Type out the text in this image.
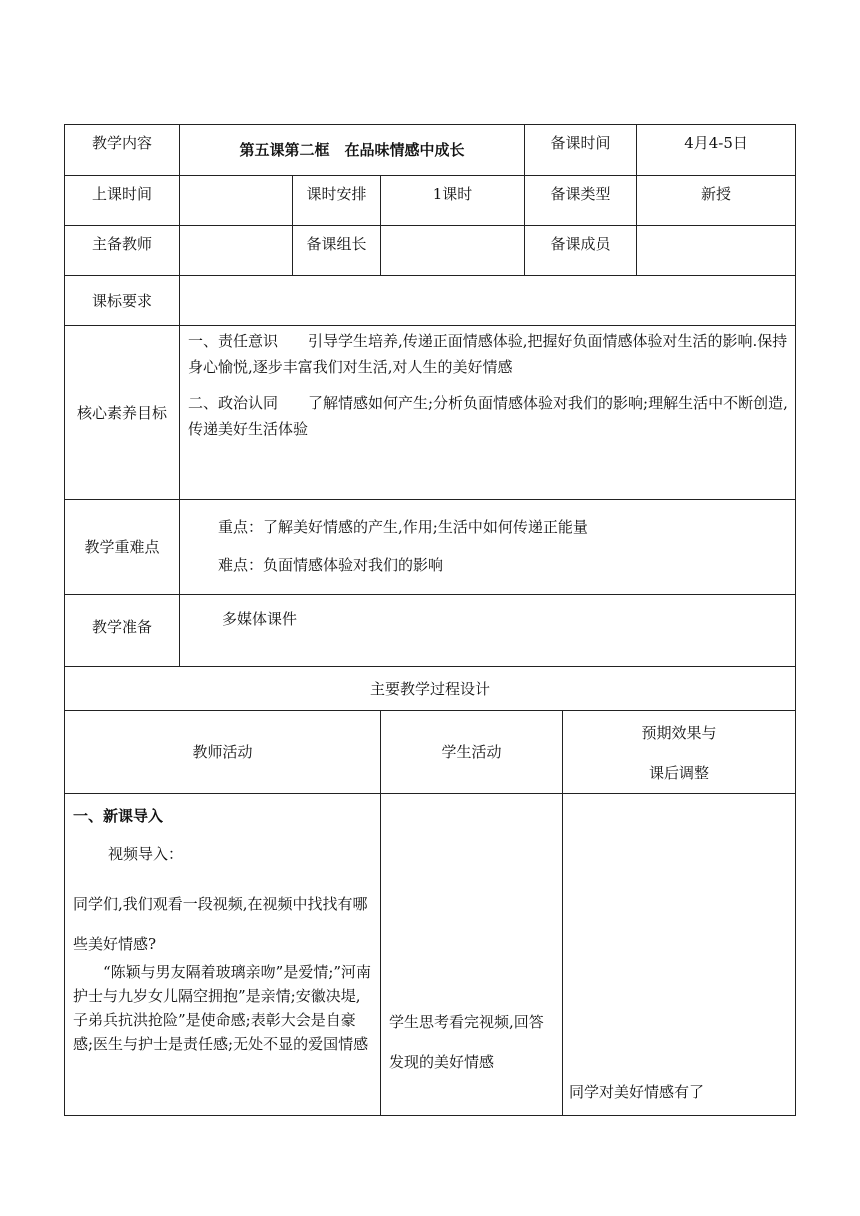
教学内容	第五课第二框　在品味情感中成长			备课时间		4月4-5日
上课时间		课时安排	1课时	备课类型		新授
主备教师		备课组长		备课成员		
课标要求						
核心素养目标	一、责任意识　　引导学生培养,传递正面情感体验,把握好负面情感体验对生活的影响.保持身心愉悦,逐步丰富我们对生活,对人生的美好情感

二、政治认同　　了解情感如何产生;分析负面情感体验对我们的影响;理解生活中不断创造,传递美好生活体验					

教学重难点	重点：了解美好情感的产生,作用;生活中如何传递正能量

难点：负面情感体验对我们的影响					

教学准备	多媒体课件					
主要教学过程设计						
教师活动			学生活动		预期效果与
课后调整	

一、新课导入
视频导入：
同学们,我们观看一段视频,在视频中找找有哪些美好情感?
“陈颖与男友隔着玻璃亲吻”是爱情;”河南护士与九岁女儿隔空拥抱”是亲情;安徽决堤,子弟兵抗洪抢险”是使命感;表彰大会是自豪感;医生与护士是责任感;无处不显的爱国情感			学生思考看完视频,回答发现的美好情感		同学对美好情感有了	
